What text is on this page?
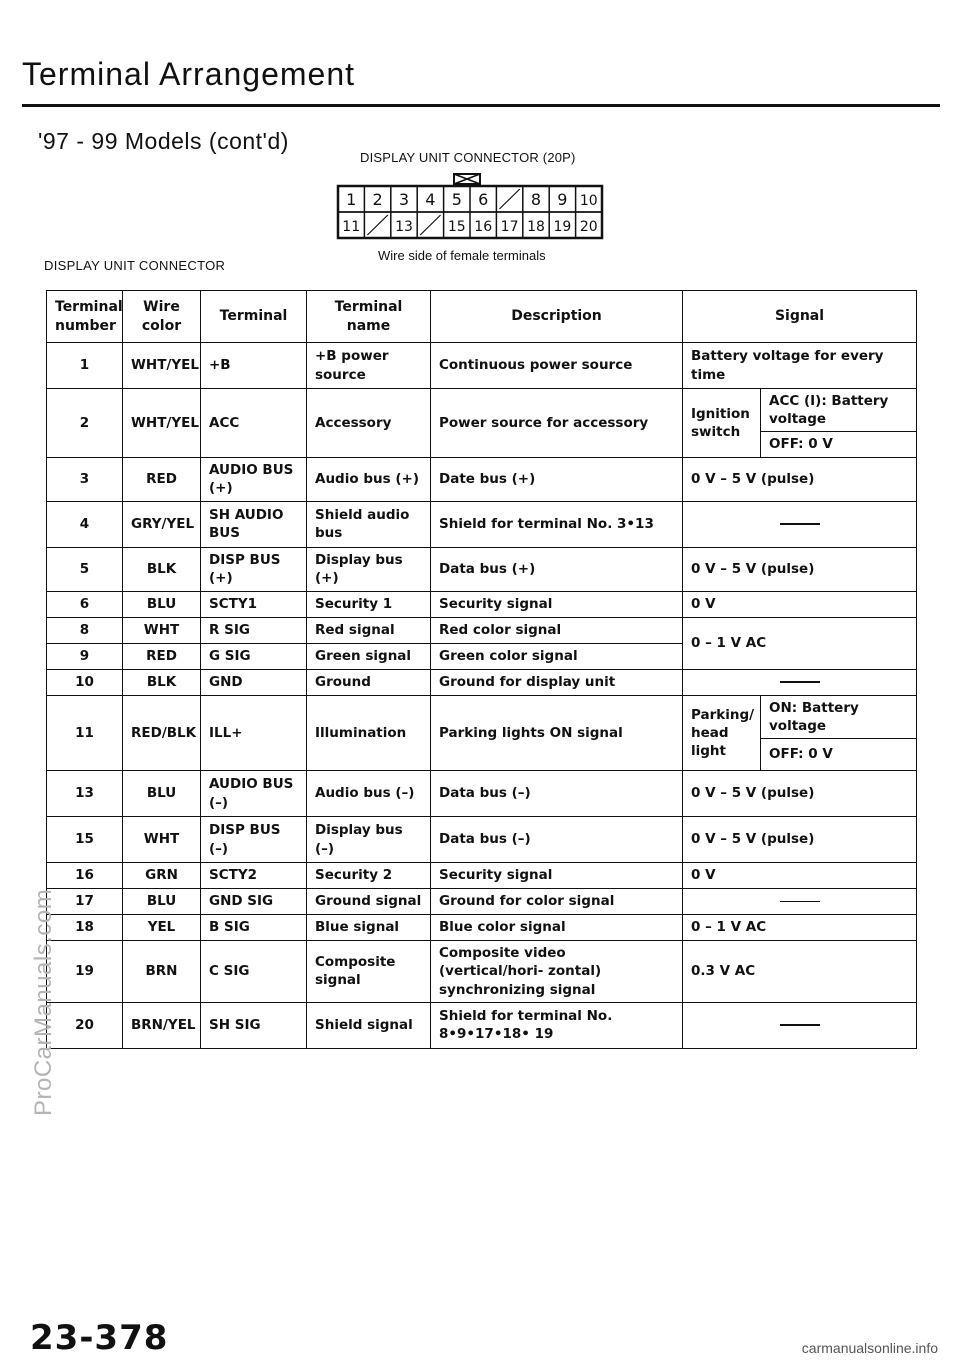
Terminal Arrangement
'97 - 99 Models (cont'd)
DISPLAY UNIT CONNECTOR
DISPLAY UNIT CONNECTOR (20P)
1 2 3 4 5 6	8 9 10
11 13 15 16 17 18 19 20
Wire side of female terminals
Terminal number	Wire color	Terminal	Terminal name	Description	Signal	
1	WHT/YEL	+B	+B power source	Continuous power source	Battery voltage for every time	
2	WHT/YEL	ACC	Accessory	Power source for accessory	Ignition switch	ACC (I): Battery voltage
						OFF: 0 V
3	RED	AUDIO BUS (+)	Audio bus (+)	Date bus (+)	0 V – 5 V (pulse)	
4	GRY/YEL	SH AUDIO BUS	Shield audio bus	Shield for terminal No. 3•13		
5	BLK	DISP BUS (+)	Display bus (+)	Data bus (+)	0 V – 5 V (pulse)	
6	BLU	SCTY1	Security 1	Security signal	0 V	
8	WHT	R SIG	Red signal	Red color signal	0 – 1 V AC	
9	RED	G SIG	Green signal	Green color signal		
10	BLK	GND	Ground	Ground for display unit		
11	RED/BLK	ILL+	Illumination	Parking lights ON signal	Parking/ head light	ON: Battery voltage
						OFF: 0 V
13	BLU	AUDIO BUS (–)	Audio bus (–)	Data bus (–)	0 V – 5 V (pulse)	
15	WHT	DISP BUS (–)	Display bus (–)	Data bus (–)	0 V – 5 V (pulse)	
16	GRN	SCTY2	Security 2	Security signal	0 V	
17	BLU	GND SIG	Ground signal	Ground for color signal		
18	YEL	B SIG	Blue signal	Blue color signal	0 – 1 V AC	
19	BRN	C SIG	Composite signal	Composite video (vertical/hori- zontal) synchronizing signal	0.3 V AC	
20	BRN/YEL	SH SIG	Shield signal	Shield for terminal No. 8•9•17•18• 19		
ProCarManuals.com
23-378	carmanualsonline.info
